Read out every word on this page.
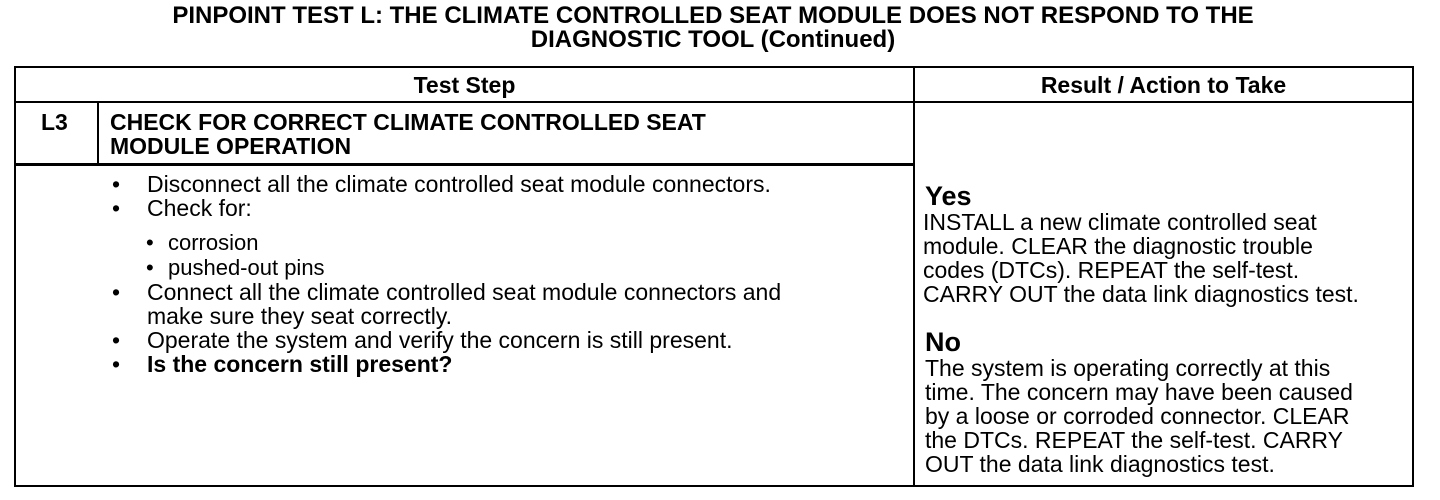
PINPOINT TEST L: THE CLIMATE CONTROLLED SEAT MODULE DOES NOT RESPOND TO THE
DIAGNOSTIC TOOL (Continued)
Test Step	Result / Action to Take
L3 CHECK FOR CORRECT CLIMATE CONTROLLED SEAT
MODULE OPERATION
• Disconnect all the climate controlled seat module connectors.
• Check for:
• corrosion
• pushed-out pins
• Connect all the climate controlled seat module connectors and
make sure they seat correctly.
• Operate the system and verify the concern is still present.
• Is the concern still present?
Yes
INSTALL a new climate controlled seat
module. CLEAR the diagnostic trouble
codes (DTCs). REPEAT the self-test.
CARRY OUT the data link diagnostics test.
No
The system is operating correctly at this
time. The concern may have been caused
by a loose or corroded connector. CLEAR
the DTCs. REPEAT the self-test. CARRY
OUT the data link diagnostics test.
